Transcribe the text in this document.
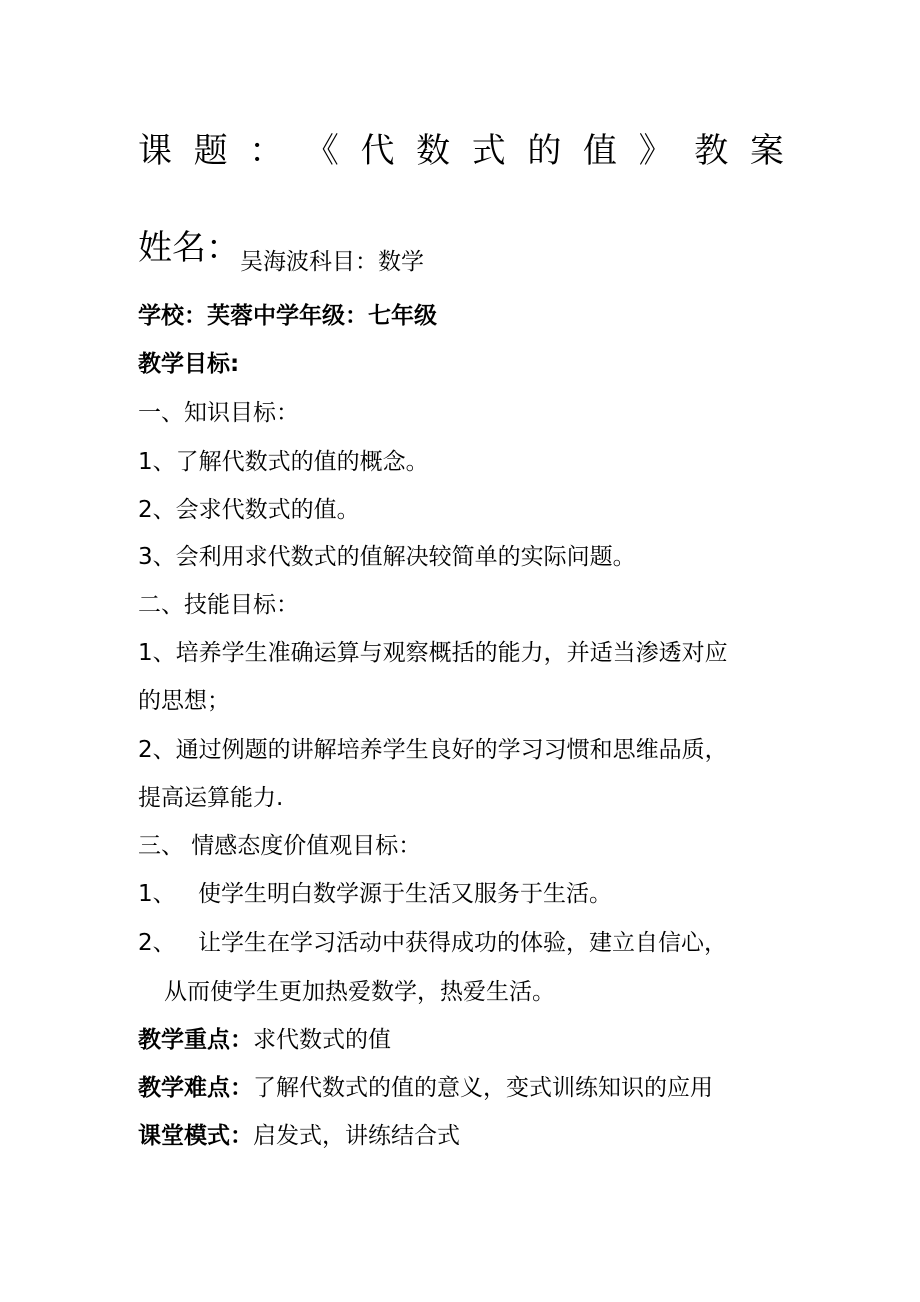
课 题 ： 《 代 数 式 的 值 》 教 案
姓名：吴海波科目：数学
学校：芙蓉中学年级：七年级
教学目标:
一、知识目标：
1、了解代数式的值的概念。
2、会求代数式的值。
3、会利用求代数式的值解决较简单的实际问题。
二、技能目标：
1、培养学生准确运算与观察概括的能力，并适当渗透对应
的思想；
2、通过例题的讲解培养学生良好的学习习惯和思维品质，
提高运算能力.
三、 情感态度价值观目标：
1、 使学生明白数学源于生活又服务于生活。
2、 让学生在学习活动中获得成功的体验，建立自信心，
从而使学生更加热爱数学，热爱生活。
教学重点：求代数式的值
教学难点：了解代数式的值的意义，变式训练知识的应用
课堂模式：启发式，讲练结合式
